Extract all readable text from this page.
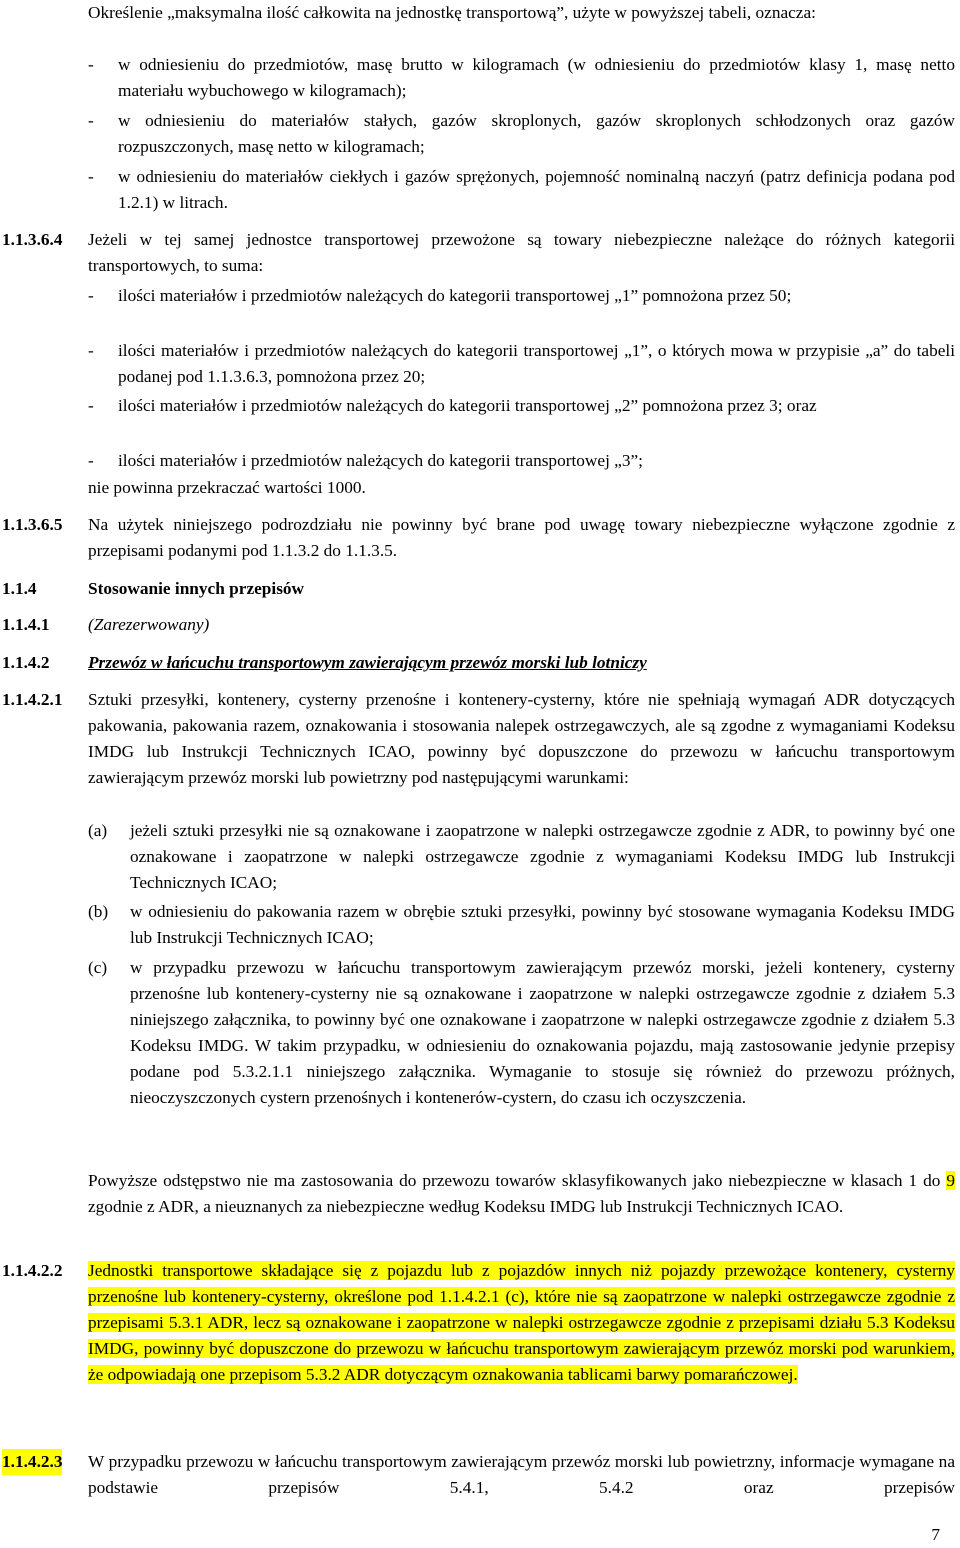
Określenie „maksymalna ilość całkowita na jednostkę transportową”, użyte w powyższej tabeli, oznacza:
- w odniesieniu do przedmiotów, masę brutto w kilogramach (w odniesieniu do przedmiotów klasy 1, masę netto materiału wybuchowego w kilogramach);
- w odniesieniu do materiałów stałych, gazów skroplonych, gazów skroplonych schłodzonych oraz gazów rozpuszczonych, masę netto w kilogramach;
- w odniesieniu do materiałów ciekłych i gazów sprężonych, pojemność nominalną naczyń (patrz definicja podana pod 1.2.1) w litrach.
1.1.3.6.4 Jeżeli w tej samej jednostce transportowej przewożone są towary niebezpieczne należące do różnych kategorii transportowych, to suma:
- ilości materiałów i przedmiotów należących do kategorii transportowej „1” pomnożona przez 50;
- ilości materiałów i przedmiotów należących do kategorii transportowej „1”, o których mowa w przypisie „a” do tabeli podanej pod 1.1.3.6.3, pomnożona przez 20;
- ilości materiałów i przedmiotów należących do kategorii transportowej „2” pomnożona przez 3; oraz
- ilości materiałów i przedmiotów należących do kategorii transportowej „3”;
nie powinna przekraczać wartości 1000.
1.1.3.6.5 Na użytek niniejszego podrozdziału nie powinny być brane pod uwagę towary niebezpieczne wyłączone zgodnie z przepisami podanymi pod 1.1.3.2 do 1.1.3.5.
1.1.4	Stosowanie innych przepisów
1.1.4.1 (Zarezerwowany)
1.1.4.2 Przewóz w łańcuchu transportowym zawierającym przewóz morski lub lotniczy
1.1.4.2.1 Sztuki przesyłki, kontenery, cysterny przenośne i kontenery-cysterny, które nie spełniają wymagań ADR dotyczących pakowania, pakowania razem, oznakowania i stosowania nalepek ostrzegawczych, ale są zgodne z wymaganiami Kodeksu IMDG lub Instrukcji Technicznych ICAO, powinny być dopuszczone do przewozu w łańcuchu transportowym zawierającym przewóz morski lub powietrzny pod następującymi warunkami:
(a) jeżeli sztuki przesyłki nie są oznakowane i zaopatrzone w nalepki ostrzegawcze zgodnie z ADR, to powinny być one oznakowane i zaopatrzone w nalepki ostrzegawcze zgodnie z wymaganiami Kodeksu IMDG lub Instrukcji Technicznych ICAO;
(b) w odniesieniu do pakowania razem w obrębie sztuki przesyłki, powinny być stosowane wymagania Kodeksu IMDG lub Instrukcji Technicznych ICAO;
(c) w przypadku przewozu w łańcuchu transportowym zawierającym przewóz morski, jeżeli kontenery, cysterny przenośne lub kontenery-cysterny nie są oznakowane i zaopatrzone w nalepki ostrzegawcze zgodnie z działem 5.3 niniejszego załącznika, to powinny być one oznakowane i zaopatrzone w nalepki ostrzegawcze zgodnie z działem 5.3 Kodeksu IMDG. W takim przypadku, w odniesieniu do oznakowania pojazdu, mają zastosowanie jedynie przepisy podane pod 5.3.2.1.1 niniejszego załącznika. Wymaganie to stosuje się również do przewozu próżnych, nieoczyszczonych cystern przenośnych i kontenerów-cystern, do czasu ich oczyszczenia.
Powyższe odstępstwo nie ma zastosowania do przewozu towarów sklasyfikowanych jako niebezpieczne w klasach 1 do 9 zgodnie z ADR, a nieuznanych za niebezpieczne według Kodeksu IMDG lub Instrukcji Technicznych ICAO.
1.1.4.2.2 Jednostki transportowe składające się z pojazdu lub z pojazdów innych niż pojazdy przewożące kontenery, cysterny przenośne lub kontenery-cysterny, określone pod 1.1.4.2.1 (c), które nie są zaopatrzone w nalepki ostrzegawcze zgodnie z przepisami 5.3.1 ADR, lecz są oznakowane i zaopatrzone w nalepki ostrzegawcze zgodnie z przepisami działu 5.3 Kodeksu IMDG, powinny być dopuszczone do przewozu w łańcuchu transportowym zawierającym przewóz morski pod warunkiem, że odpowiadają one przepisom 5.3.2 ADR dotyczącym oznakowania tablicami barwy pomarańczowej.
1.1.4.2.3 W przypadku przewozu w łańcuchu transportowym zawierającym przewóz morski lub powietrzny, informacje wymagane na podstawie przepisów 5.4.1, 5.4.2 oraz przepisów
7
